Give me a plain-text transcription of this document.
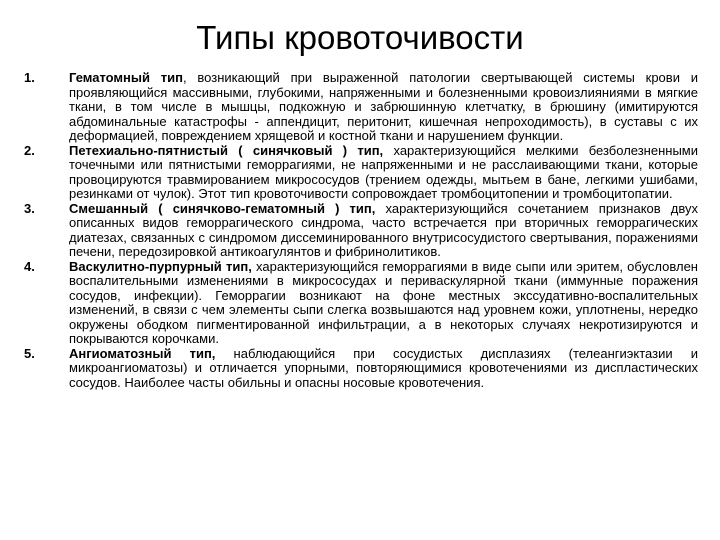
Типы кровоточивости
1.	Гематомный тип, возникающий при выраженной патологии свертывающей системы крови и проявляющийся массивными, глубокими, напряженными и болезненными кровоизлияниями в мягкие ткани, в том числе в мышцы, подкожную и забрюшинную клетчатку, в брюшину (имитируются абдоминальные катастрофы - аппендицит, перитонит, кишечная непроходимость), в суставы с их деформацией, повреждением хрящевой и костной ткани и нарушением функции.
2.	Петехиально-пятнистый ( синячковый ) тип, характеризующийся мелкими безболезненными точечными или пятнистыми геморрагиями, не напряженными и не расслаивающими ткани, которые провоцируются травмированием микрососудов (трением одежды, мытьем в бане, легкими ушибами, резинками от чулок). Этот тип кровоточивости сопровождает тромбоцитопении и тромбоцитопатии.
3.	Смешанный ( синячково-гематомный ) тип, характеризующийся сочетанием признаков двух описанных видов геморрагического синдрома, часто встречается при вторичных геморрагических диатезах, связанных с синдромом диссеминированного внутрисосудистого свертывания, поражениями печени, передозировкой антикоагулянтов и фибринолитиков.
4.	Васкулитно-пурпурный тип, характеризующийся геморрагиями в виде сыпи или эритем, обусловлен воспалительными изменениями в микрососудах и периваскулярной ткани (иммунные поражения сосудов, инфекции). Геморрагии возникают на фоне местных экссудативно-воспалительных изменений, в связи с чем элементы сыпи слегка возвышаются над уровнем кожи, уплотнены, нередко окружены ободком пигментированной инфильтрации, а в некоторых случаях некротизируются и покрываются корочками.
5.	Ангиоматозный тип, наблюдающийся при сосудистых дисплазиях (телеангиэктазии и микроангиоматозы) и отличается упорными, повторяющимися кровотечениями из диспластических сосудов. Наиболее часты обильны и опасны носовые кровотечения.
